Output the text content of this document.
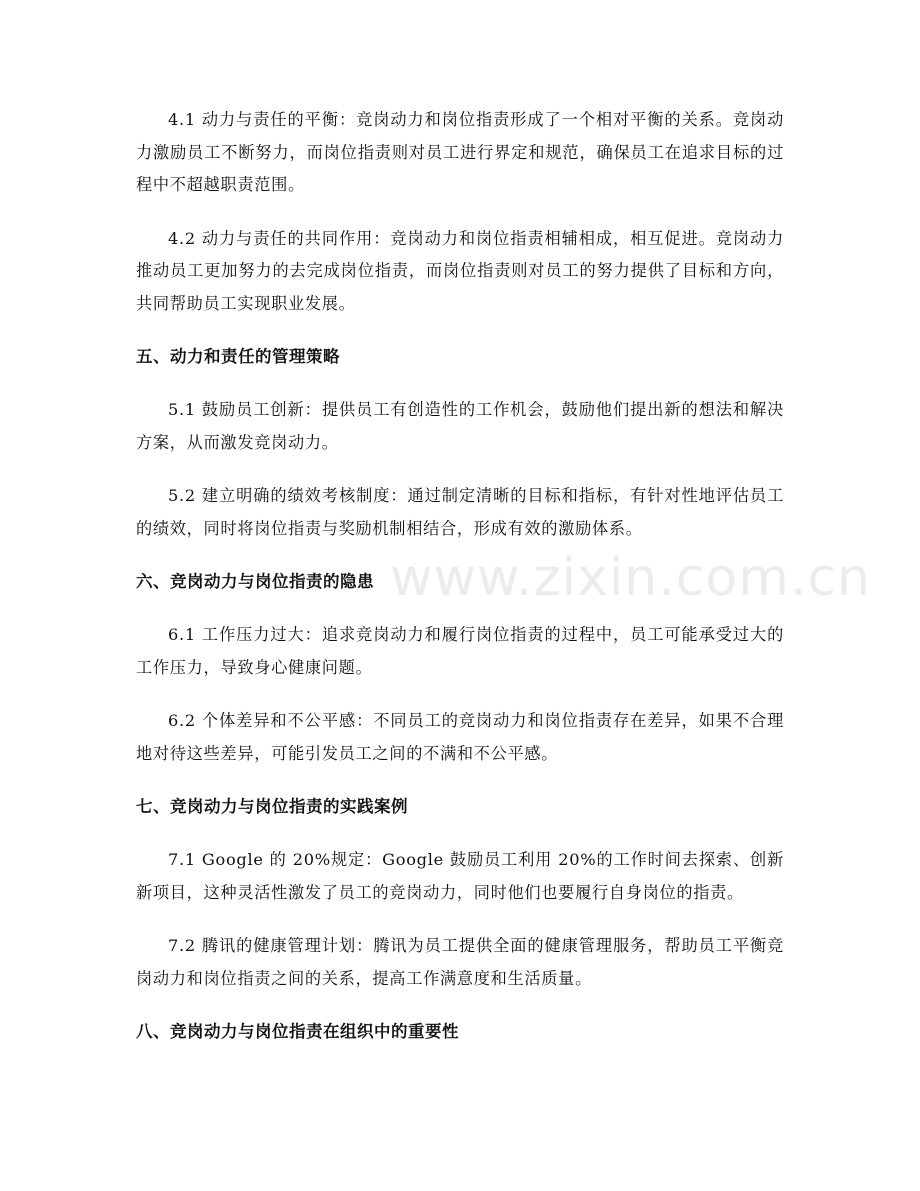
4.1 动力与责任的平衡：竞岗动力和岗位指责形成了一个相对平衡的关系。竞岗动力激励员工不断努力，而岗位指责则对员工进行界定和规范，确保员工在追求目标的过程中不超越职责范围。

4.2 动力与责任的共同作用：竞岗动力和岗位指责相辅相成，相互促进。竞岗动力推动员工更加努力的去完成岗位指责，而岗位指责则对员工的努力提供了目标和方向，共同帮助员工实现职业发展。

五、动力和责任的管理策略

5.1 鼓励员工创新：提供员工有创造性的工作机会，鼓励他们提出新的想法和解决方案，从而激发竞岗动力。

5.2 建立明确的绩效考核制度：通过制定清晰的目标和指标，有针对性地评估员工的绩效，同时将岗位指责与奖励机制相结合，形成有效的激励体系。

六、竞岗动力与岗位指责的隐患

6.1 工作压力过大：追求竞岗动力和履行岗位指责的过程中，员工可能承受过大的工作压力，导致身心健康问题。

6.2 个体差异和不公平感：不同员工的竞岗动力和岗位指责存在差异，如果不合理地对待这些差异，可能引发员工之间的不满和不公平感。

七、竞岗动力与岗位指责的实践案例

7.1 Google 的 20%规定：Google 鼓励员工利用 20%的工作时间去探索、创新新项目，这种灵活性激发了员工的竞岗动力，同时他们也要履行自身岗位的指责。

7.2 腾讯的健康管理计划：腾讯为员工提供全面的健康管理服务，帮助员工平衡竞岗动力和岗位指责之间的关系，提高工作满意度和生活质量。

八、竞岗动力与岗位指责在组织中的重要性
www.zixin.com.cn
